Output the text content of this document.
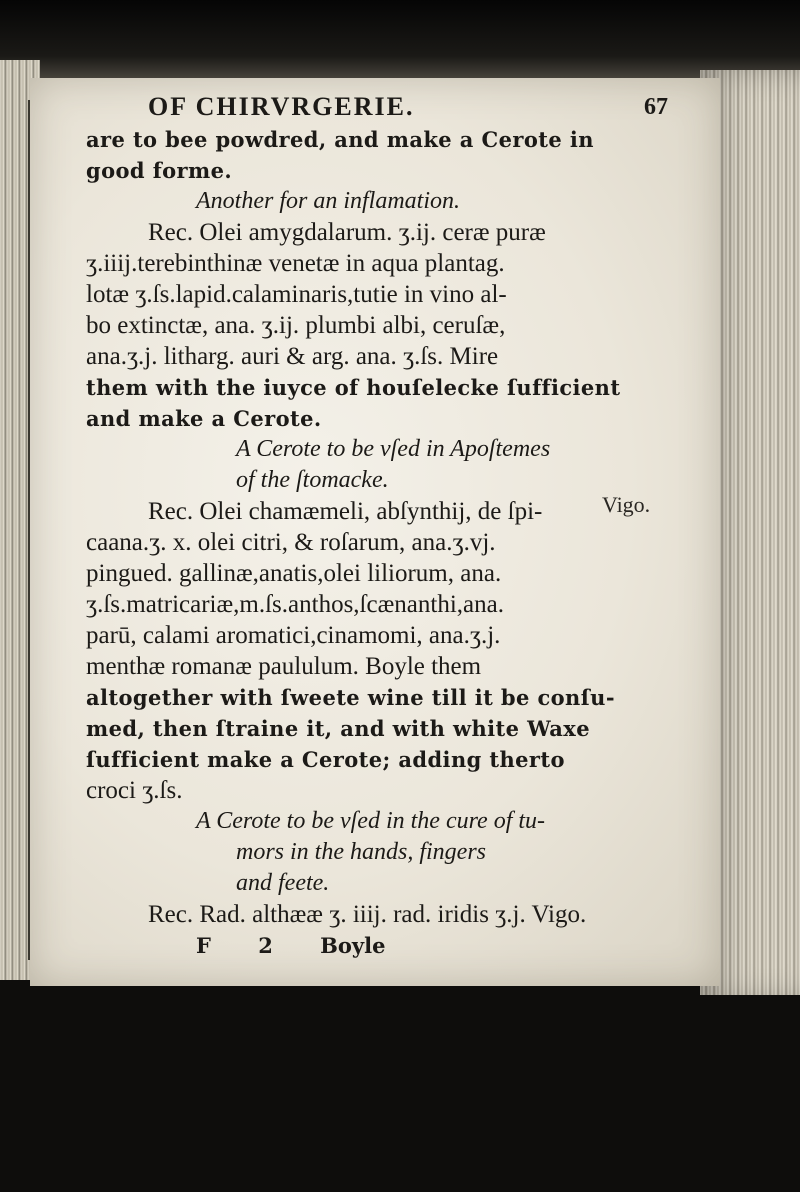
OF CHIRVRGERIE.	67
are to bee powdred, and make a Cerote in
good forme.
Another for an inflamation.
Rec. Olei amygdalarum. ʒ.ij. ceræ puræ
ʒ.iiij.terebinthinæ venetæ in aqua plantag.
lotæ ʒ.ſs.lapid.calaminaris,tutie in vino al-
bo extinctæ, ana. ʒ.ij. plumbi albi, ceruſæ,
ana.ʒ.j. litharg. auri & arg. ana. ʒ.ſs. Mire
them with the iuyce of houſelecke ſufficient
and make a Cerote.
A Cerote to be vſed in Apoſtemes
of the ſtomacke.
Rec. Olei chamæmeli, abſynthij, de ſpi-
caana.ʒ. x. olei citri, & roſarum, ana.ʒ.vj.
pingued. gallinæ,anatis,olei liliorum, ana.
ʒ.ſs.matricariæ,m.ſs.anthos,ſcænanthi,ana.
parū, calami aromatici,cinamomi, ana.ʒ.j.
menthæ romanæ paululum. Boyle them
altogether with ſweete wine till it be conſu-
med, then ſtraine it, and with white Waxe
ſufficient make a Cerote; adding therto
croci ʒ.ſs.
A Cerote to be vſed in the cure of tu-
mors in the hands, fingers
and feete.
Rec. Rad. althææ ʒ. iiij. rad. iridis ʒ.j. Vigo.
F 2 Boyle
Vigo.
